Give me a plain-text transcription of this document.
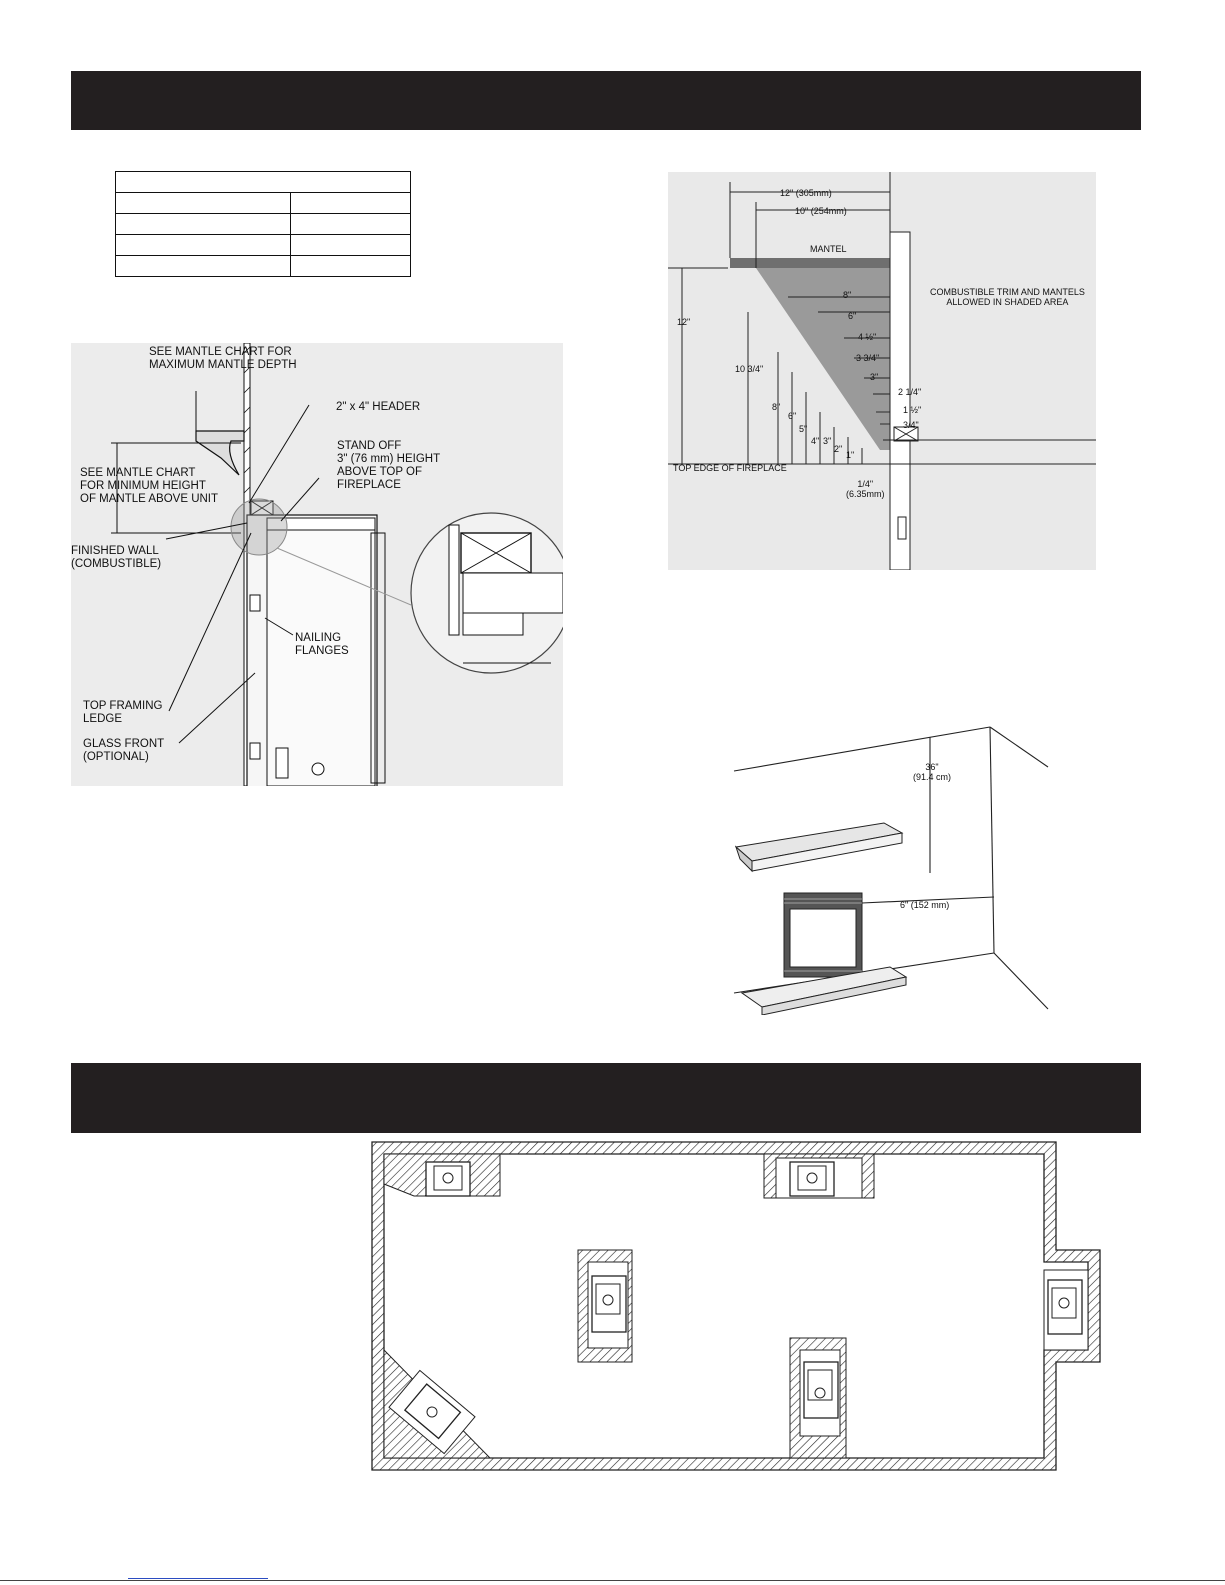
SEE MANTLE CHART FOR
MAXIMUM MANTLE DEPTH
2" x 4" HEADER
STAND OFF
3" (76 mm) HEIGHT
ABOVE TOP OF
FIREPLACE
SEE MANTLE CHART
FOR MINIMUM HEIGHT
OF MANTLE ABOVE UNIT
FINISHED WALL
(COMBUSTIBLE)
NAILING
FLANGES
TOP FRAMING
LEDGE
GLASS FRONT
(OPTIONAL)
12" (305mm)
10" (254mm)
MANTEL
COMBUSTIBLE TRIM AND MANTELS
ALLOWED IN SHADED AREA
12"
10 3/4"
8"
6"
5"
4" 3"
2"
1"
8"
6"
4 ½"
3 3/4"
3"
2 1/4"
1 ½"
3/4"
TOP EDGE OF FIREPLACE
1/4"
(6.35mm)
36"
(91.4 cm)
6" (152 mm)
